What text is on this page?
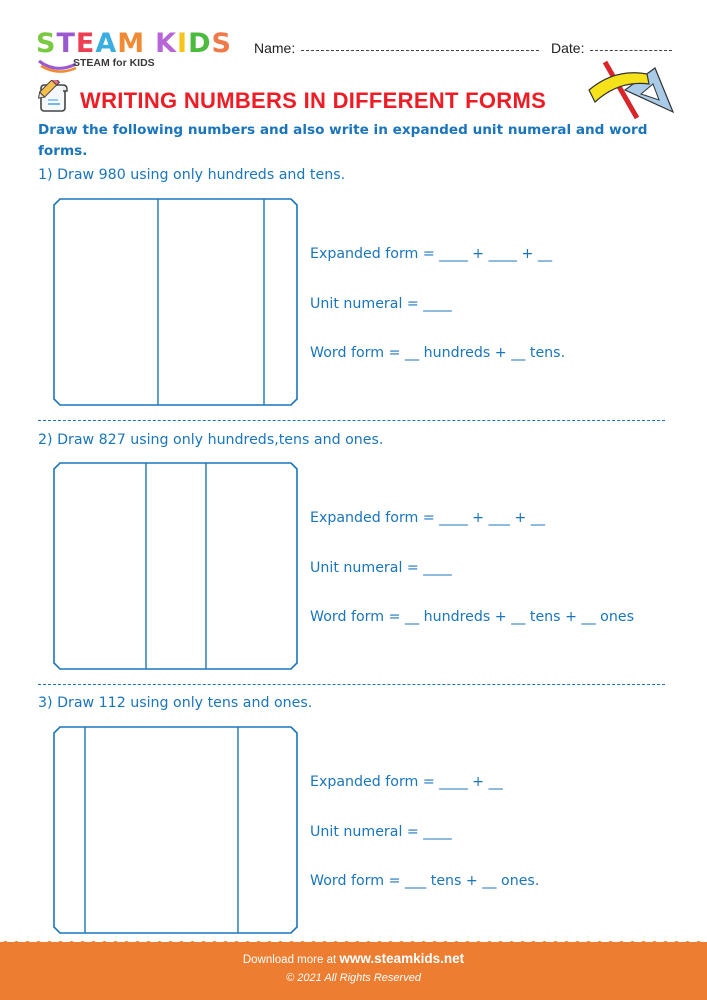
STEAM KIDS
STEAM for KIDS
Name:	Date:
WRITING NUMBERS IN DIFFERENT FORMS
Draw the following numbers and also write in expanded unit numeral and word forms.
1) Draw 980 using only hundreds and tens.
Expanded form = ____ + ____ + __
Unit numeral = ____
Word form = __ hundreds + __ tens.
2) Draw 827 using only hundreds,tens and ones.
Expanded form = ____ + ___ + __
Unit numeral = ____
Word form = __ hundreds + __ tens + __ ones
3) Draw 112 using only tens and ones.
Expanded form = ____ + __
Unit numeral = ____
Word form = ___ tens + __ ones.
Download more at www.steamkids.net
© 2021 All Rights Reserved
